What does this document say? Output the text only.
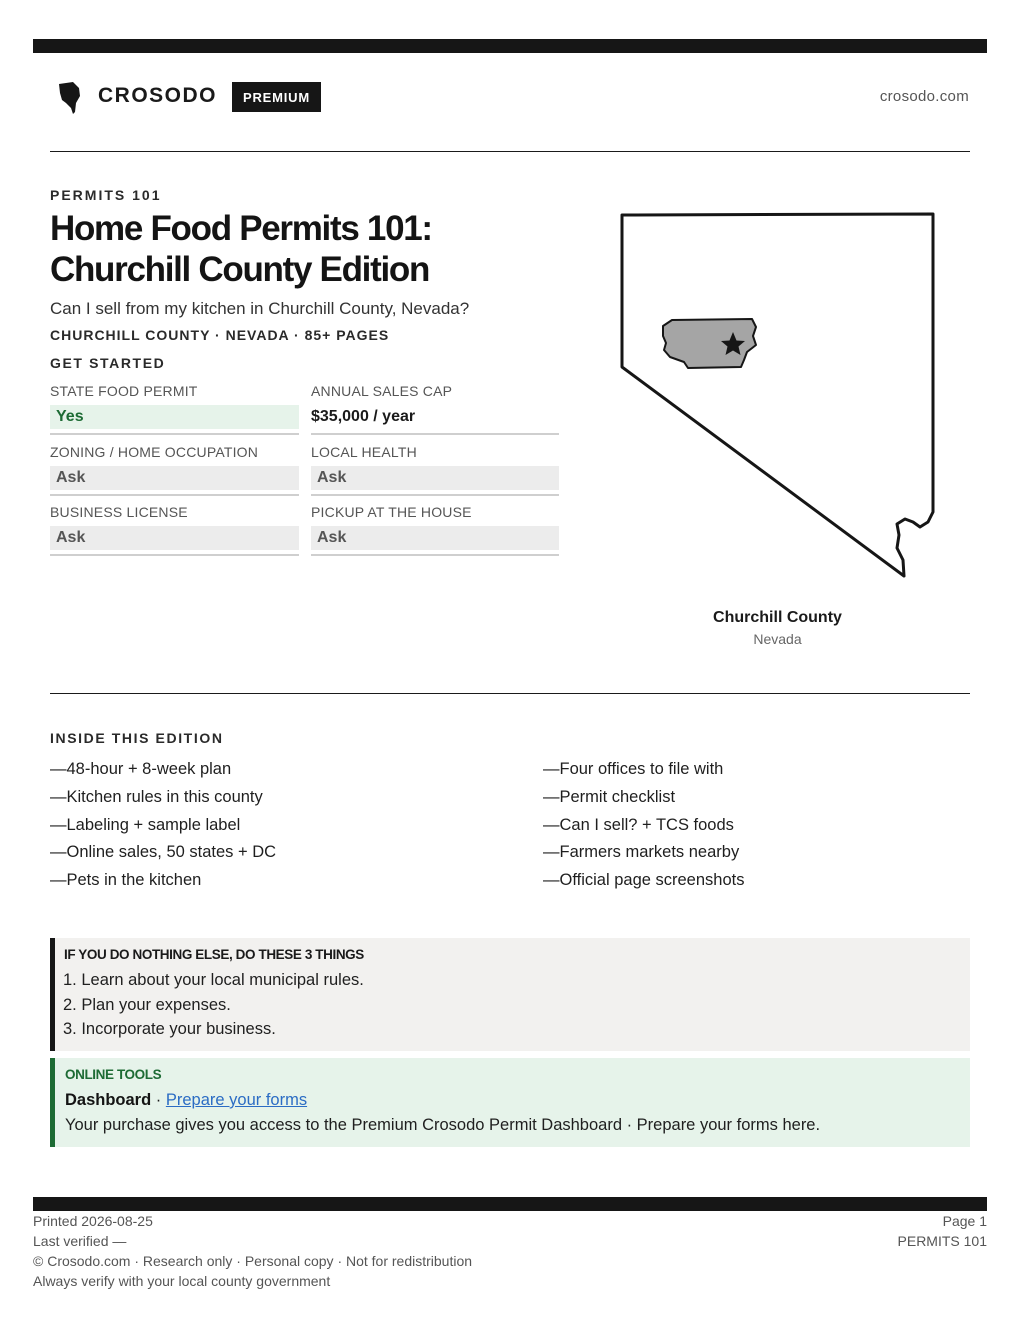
CROSODO	PREMIUM	crosodo.com
PERMITS 101
Home Food Permits 101:
Churchill County Edition
Can I sell from my kitchen in Churchill County, Nevada?
CHURCHILL COUNTY · NEVADA · 85+ PAGES
GET STARTED
STATE FOOD PERMIT
Yes
ANNUAL SALES CAP
$35,000 / year
ZONING / HOME OCCUPATION
Ask
LOCAL HEALTH
Ask
BUSINESS LICENSE
Ask
PICKUP AT THE HOUSE
Ask
Churchill County
Nevada
INSIDE THIS EDITION
—48-hour + 8-week plan
—Kitchen rules in this county
—Labeling + sample label
—Online sales, 50 states + DC
—Pets in the kitchen
—Four offices to file with
—Permit checklist
—Can I sell? + TCS foods
—Farmers markets nearby
—Official page screenshots
IF YOU DO NOTHING ELSE, DO THESE 3 THINGS
1. Learn about your local municipal rules.
2. Plan your expenses.
3. Incorporate your business.
ONLINE TOOLS
Dashboard · Prepare your forms
Your purchase gives you access to the Premium Crosodo Permit Dashboard · Prepare your forms here.
Printed 2026-08-25
Last verified —
© Crosodo.com · Research only · Personal copy · Not for redistribution
Always verify with your local county government
Page 1
PERMITS 101
